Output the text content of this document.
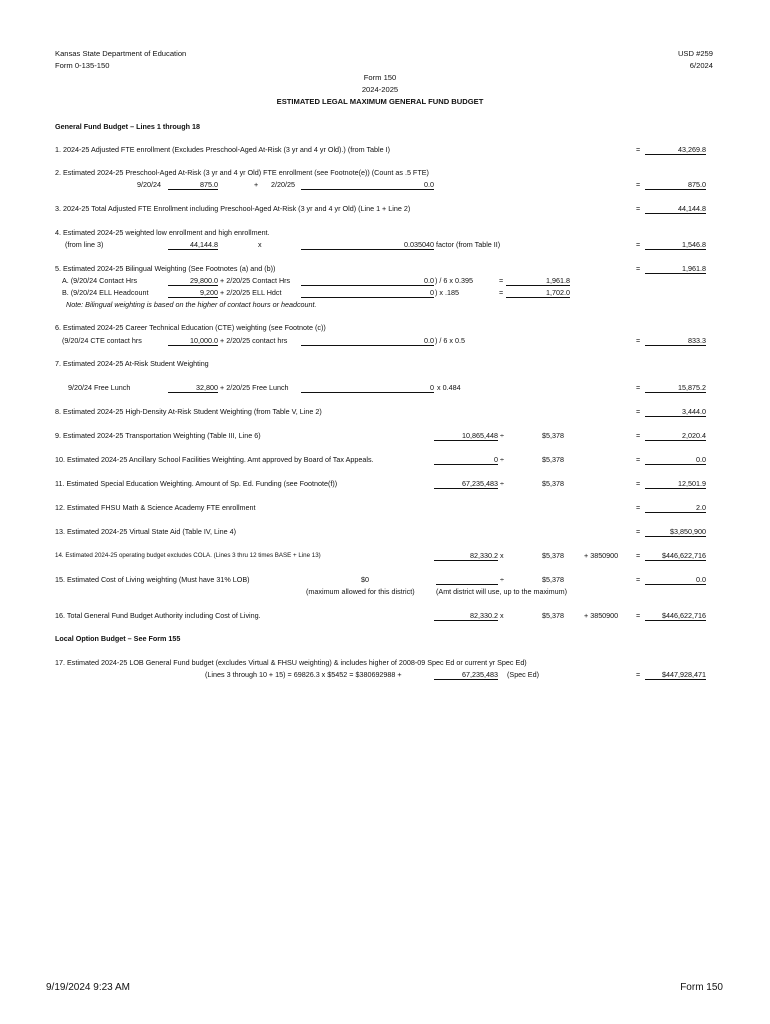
Kansas State Department of Education
Form 0-135-150
USD #259
6/2024
Form 150
2024-2025
ESTIMATED LEGAL MAXIMUM GENERAL FUND BUDGET
General Fund Budget – Lines 1 through 18
1. 2024-25 Adjusted FTE enrollment (Excludes Preschool-Aged At-Risk (3 yr and 4 yr Old).) (from Table I)	=	43,269.8
2. Estimated 2024-25 Preschool-Aged At-Risk (3 yr and 4 yr Old) FTE enrollment (see Footnote(e)) (Count as .5 FTE)
9/20/24	875.0	+ 2/20/25	0.0	=	875.0
3. 2024-25 Total Adjusted FTE Enrollment including Preschool-Aged At-Risk (3 yr and 4 yr Old) (Line 1 + Line 2)	=	44,144.8
4. Estimated 2024-25 weighted low enrollment and high enrollment.
(from line 3)	44,144.8	x	0.035040 factor (from Table II)	=	1,546.8
5. Estimated 2024-25 Bilingual Weighting (See Footnotes (a) and (b))	=	1,961.8
A. (9/20/24 Contact Hrs	29,800.0 + 2/20/25 Contact Hrs	0.0 ) / 6 x 0.395	=	1,961.8
B. (9/20/24 ELL Headcount	9,200 + 2/20/25 ELL Hdct	0 ) x .185	=	1,702.0
Note: Bilingual weighting is based on the higher of contact hours or headcount.
6. Estimated 2024-25 Career Technical Education (CTE) weighting (see Footnote (c))
(9/20/24 CTE contact hrs	10,000.0 + 2/20/25 contact hrs	0.0 ) / 6 x 0.5	=	833.3
7. Estimated 2024-25 At-Risk Student Weighting
9/20/24 Free Lunch	32,800 + 2/20/25 Free Lunch	0 x 0.484	=	15,875.2
8. Estimated 2024-25 High-Density At-Risk Student Weighting (from Table V, Line 2)	=	3,444.0
9. Estimated 2024-25 Transportation Weighting (Table III, Line 6)	10,865,448 ÷	$5,378	=	2,020.4
10. Estimated 2024-25 Ancillary School Facilities Weighting. Amt approved by Board of Tax Appeals.	0 ÷	$5,378	=	0.0
11. Estimated Special Education Weighting. Amount of Sp. Ed. Funding (see Footnote(f))	67,235,483 ÷	$5,378	=	12,501.9
12. Estimated FHSU Math & Science Academy FTE enrollment	=	2.0
13. Estimated 2024-25 Virtual State Aid (Table IV, Line 4)	=	$3,850,900
14. Estimated 2024-25 operating budget excludes COLA. (Lines 3 thru 12 times BASE + Line 13)	82,330.2 x	$5,378	+ 3850900 =	$446,622,716
15. Estimated Cost of Living weighting (Must have 31% LOB)	$0	÷	$5,378	=	0.0
(maximum allowed for this district)	(Amt district will use, up to the maximum)
16. Total General Fund Budget Authority including Cost of Living.	82,330.2 x	$5,378	+ 3850900 =	$446,622,716
Local Option Budget – See Form 155
17. Estimated 2024-25 LOB General Fund budget (excludes Virtual & FHSU weighting) & includes higher of 2008-09 Spec Ed or current yr Spec Ed)
(Lines 3 through 10 + 15) = 69826.3 x $5452 = $380692988 +	67,235,483 (Spec Ed)	=	$447,928,471
9/19/2024 9:23 AM	Form 150
